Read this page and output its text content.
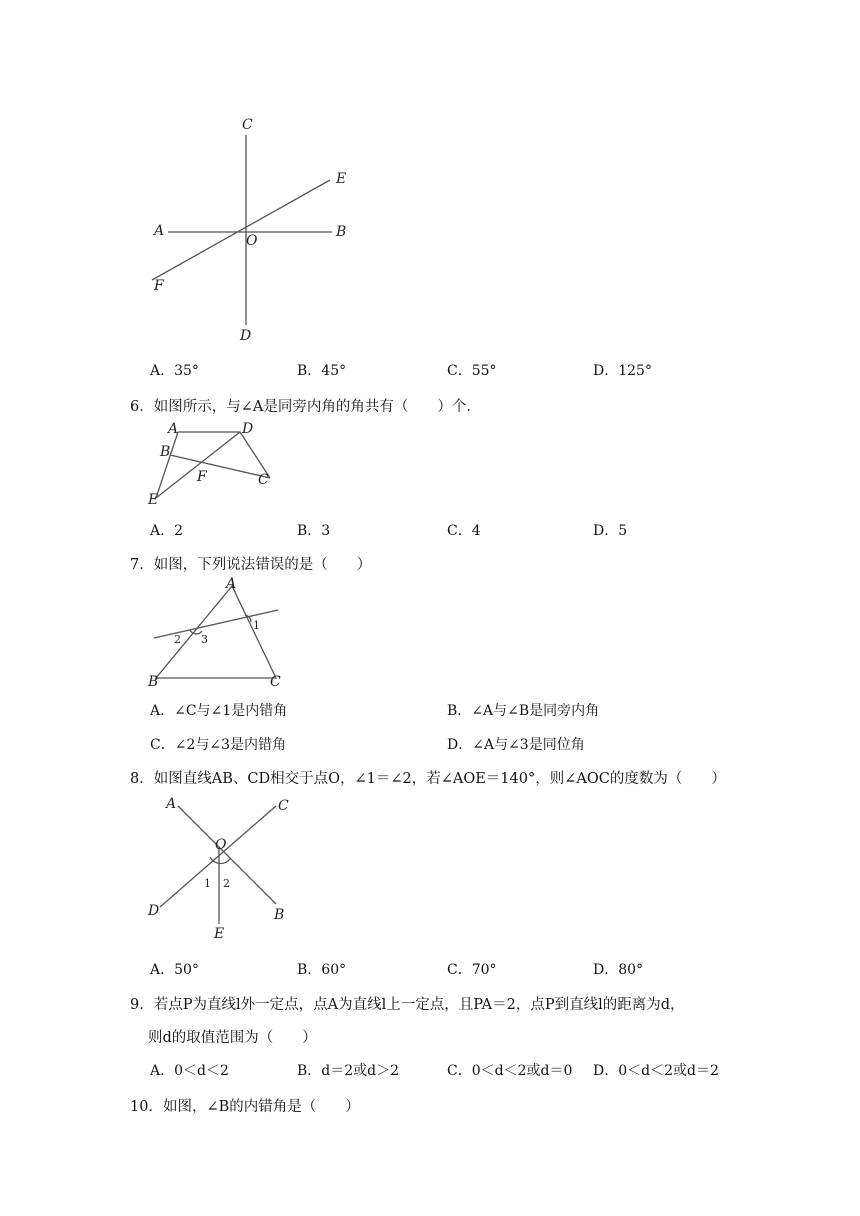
C
E
A
O
B
F
D
A．35°	B．45°	C．55°	D．125°
6．如图所示，与∠A是同旁内角的角共有（　　）个．
A	D
B
F	C
E
A．2	B．3	C．4	D．5
7．如图，下列说法错误的是（　　）
A
B	C
1
2 3
A．∠C与∠1是内错角	B．∠A与∠B是同旁内角
C．∠2与∠3是内错角	D．∠A与∠3是同位角
8．如图直线AB、CD相交于点O，∠1＝∠2，若∠AOE＝140°，则∠AOC的度数为（　　）
A	C
O
1 2
D	B
E
A．50°	B．60°	C．70°	D．80°
9．若点P为直线l外一定点，点A为直线l上一定点，且PA＝2，点P到直线l的距离为d，
则d的取值范围为（　　）
A．0＜d＜2	B．d＝2或d＞2	C．0＜d＜2或d＝0 D．0＜d＜2或d＝2
10．如图，∠B的内错角是（　　）
